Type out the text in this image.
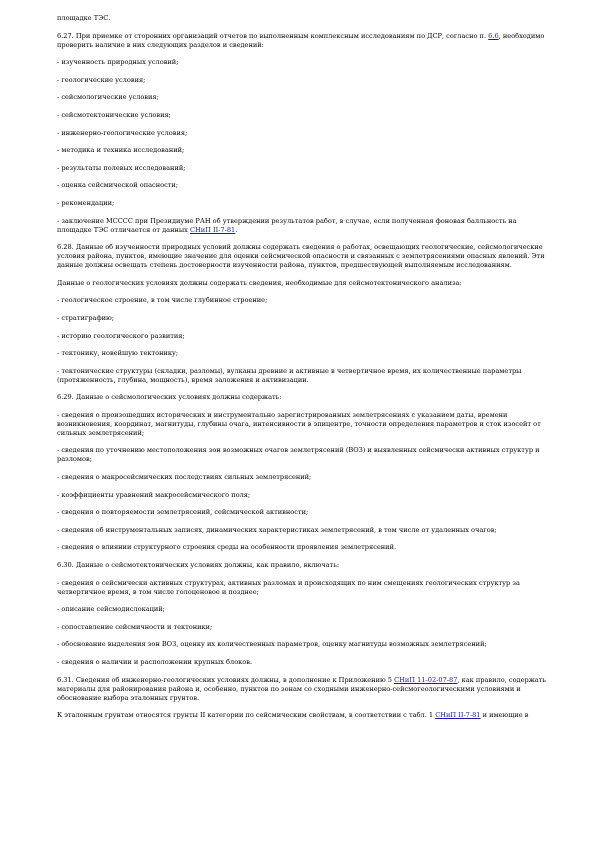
площадке ТЭС.

6.27. При приемке от сторонних организаций отчетов по выполненным комплексным исследованиям по ДСР, согласно п. 6.6, необходимо проверить наличие в них следующих разделов и сведений:

- изученность природных условий;

- геологические условия;

- сейсмологические условия;

- сейсмотектонические условия;

- инженерно-геологические условия;

- методика и техника исследований;

- результаты полевых исследований;

- оценка сейсмической опасности;

- рекомендации;

- заключение МСССС при Президиуме РАН об утверждении результатов работ, в случае, если полученная фоновая балльность на площадке ТЭС отличается от данных СНиП II-7-81.

6.28. Данные об изученности природных условий должны содержать сведения о работах, освещающих геологические, сейсмологические условия района, пунктов, имеющие значение для оценки сейсмической опасности и связанных с землетрясениями опасных явлений. Эти данные должны освещать степень достоверности изученности района, пунктов, предшествующей выполняемым исследованиям.

Данные о геологических условиях должны содержать сведения, необходимые для сейсмотектонического анализа:

- геологическое строение, в том числе глубинное строение;

- стратиграфию;

- историю геологического развития;

- тектонику, новейшую тектонику;

- тектонические структуры (складки, разломы), вулканы древние и активные в четвертичное время, их количественные параметры (протяженность, глубина, мощность), время заложения и активизации.

6.29. Данные о сейсмологических условиях должны содержать:

- сведения о произошедших исторических и инструментально зарегистрированных землетрясениях с указанием даты, времени возникновения, координат, магнитуды, глубины очага, интенсивности в эпицентре, точности определения параметров и сток изосейт от сильных землетрясений;

- сведения по уточнению местоположения зон возможных очагов землетрясений (ВОЗ) и выявленных сейсмически активных структур и разломов;

- сведения о макросейсмических последствиях сильных землетрясений;

- коэффициенты уравнений макросейсмического поля;

- сведения о повторяемости землетрясений, сейсмической активности;

- сведения об инструментальных записях, динамических характеристиках землетрясений, в том числе от удаленных очагов;

- сведения о влиянии структурного строения среды на особенности проявления землетрясений.

6.30. Данные о сейсмотектонических условиях должны, как правило, включать:

- сведения о сейсмически активных структурах, активных разломах и происходящих по ним смещениях геологических структур за четвертичное время, в том числе голоценовое и позднее;

- описание сейсмодислокаций;

- сопоставление сейсмичности и тектоники;

- обоснование выделения зон ВОЗ, оценку их количественных параметров, оценку магнитуды возможных землетрясений;

- сведения о наличии и расположении крупных блоков.

6.31. Сведения об инженерно-геологических условиях должны, в дополнение к Приложению 5 СНиП 11-02-07-87, как правило, содержать материалы для районирования района и, особенно, пунктов по зонам со сходными инженерно-сейсмогеологическими условиями и обоснование выбора эталонных грунтов.

К эталонным грунтам относятся грунты II категории по сейсмическим свойствам, в соответствии с табл. 1 СНиП II-7-81 и имеющие в
